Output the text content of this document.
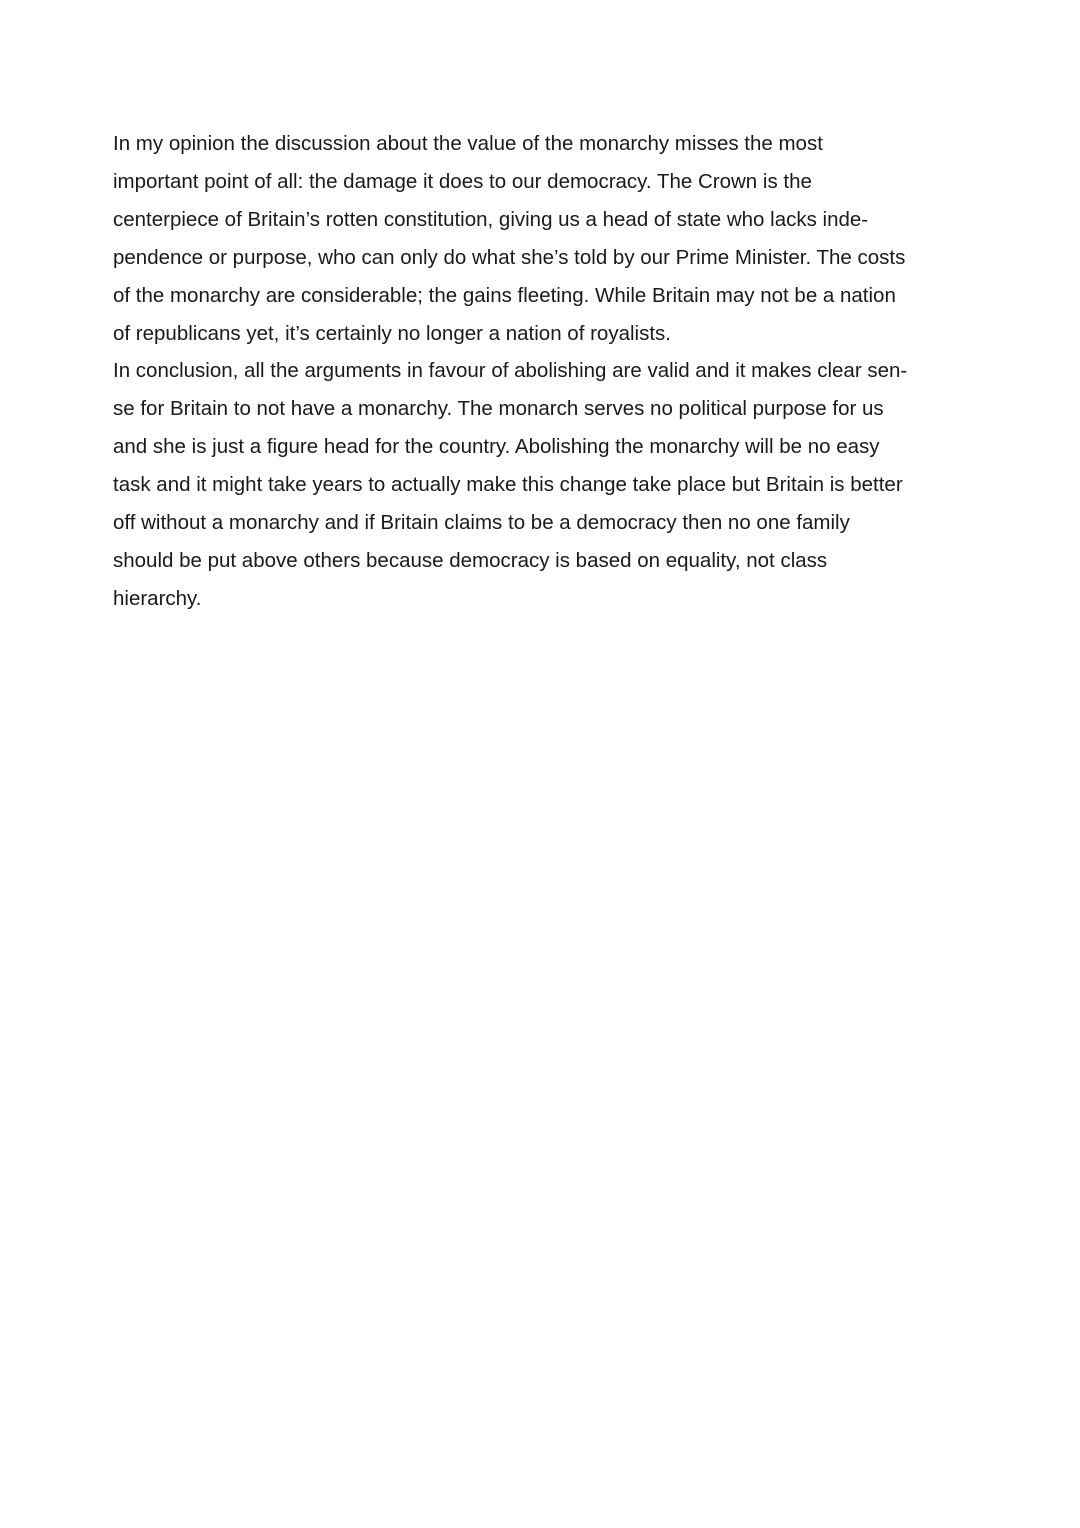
In my opinion the discussion about the value of the monarchy misses the most
important point of all: the damage it does to our democracy. The Crown is the
centerpiece of Britain’s rotten constitution, giving us a head of state who lacks inde-
pendence or purpose, who can only do what she’s told by our Prime Minister. The costs
of the monarchy are considerable; the gains fleeting. While Britain may not be a nation
of republicans yet, it’s certainly no longer a nation of royalists.
In conclusion, all the arguments in favour of abolishing are valid and it makes clear sen-
se for Britain to not have a monarchy. The monarch serves no political purpose for us
and she is just a figure head for the country. Abolishing the monarchy will be no easy
task and it might take years to actually make this change take place but Britain is better
off without a monarchy and if Britain claims to be a democracy then no one family
should be put above others because democracy is based on equality, not class
hierarchy.
